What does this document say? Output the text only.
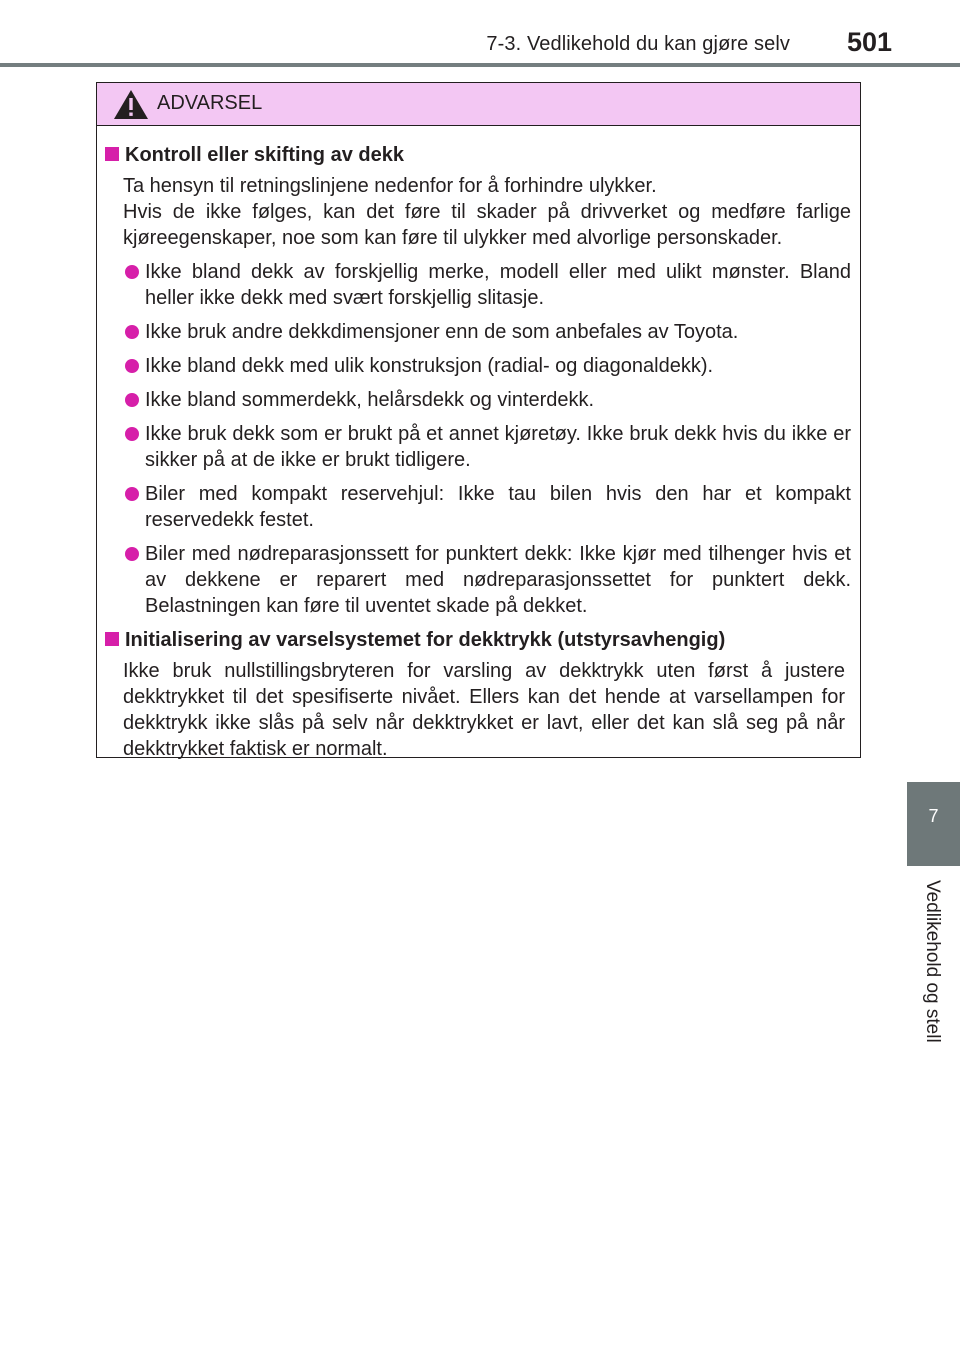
7-3. Vedlikehold du kan gjøre selv 501
7
Vedlikehold og stell
ADVARSEL
Kontroll eller skifting av dekk
Ta hensyn til retningslinjene nedenfor for å forhindre ulykker.
Hvis de ikke følges, kan det føre til skader på drivverket og medføre farlige kjøreegenskaper, noe som kan føre til ulykker med alvorlige personskader.
Ikke bland dekk av forskjellig merke, modell eller med ulikt mønster. Bland heller ikke dekk med svært forskjellig slitasje.
Ikke bruk andre dekkdimensjoner enn de som anbefales av Toyota.
Ikke bland dekk med ulik konstruksjon (radial- og diagonaldekk).
Ikke bland sommerdekk, helårsdekk og vinterdekk.
Ikke bruk dekk som er brukt på et annet kjøretøy. Ikke bruk dekk hvis du ikke er sikker på at de ikke er brukt tidligere.
Biler med kompakt reservehjul: Ikke tau bilen hvis den har et kompakt reservedekk festet.
Biler med nødreparasjonssett for punktert dekk: Ikke kjør med tilhenger hvis et av dekkene er reparert med nødreparasjonssettet for punktert dekk. Belastningen kan føre til uventet skade på dekket.
Initialisering av varselsystemet for dekktrykk (utstyrsavhengig)
Ikke bruk nullstillingsbryteren for varsling av dekktrykk uten først å justere dekktrykket til det spesifiserte nivået. Ellers kan det hende at varsellampen for dekktrykk ikke slås på selv når dekktrykket er lavt, eller det kan slå seg på når dekktrykket faktisk er normalt.
